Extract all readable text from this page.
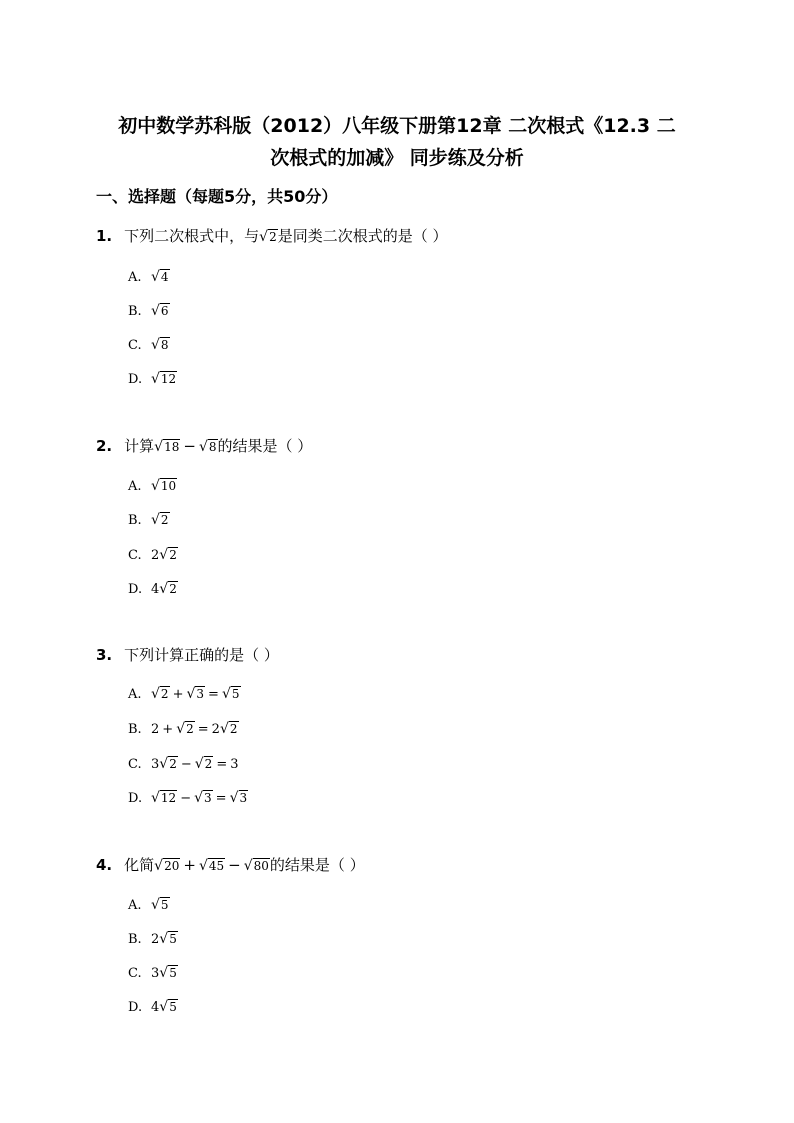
初中数学苏科版（2012）八年级下册第12章 二次根式《12.3 二
次根式的加减》 同步练及分析
一、选择题（每题5分，共50分）
1. 下列二次根式中，与√2是同类二次根式的是（ ）
A. √4
B. √6
C. √8
D. √12
2. 计算√18 − √8的结果是（ ）
A. √10
B. √2
C. 2√2
D. 4√2
3. 下列计算正确的是（ ）
A. √2 + √3 = √5
B. 2 + √2 = 2√2
C. 3√2 − √2 = 3
D. √12 − √3 = √3
4. 化简√20 + √45 − √80的结果是（ ）
A. √5
B. 2√5
C. 3√5
D. 4√5
